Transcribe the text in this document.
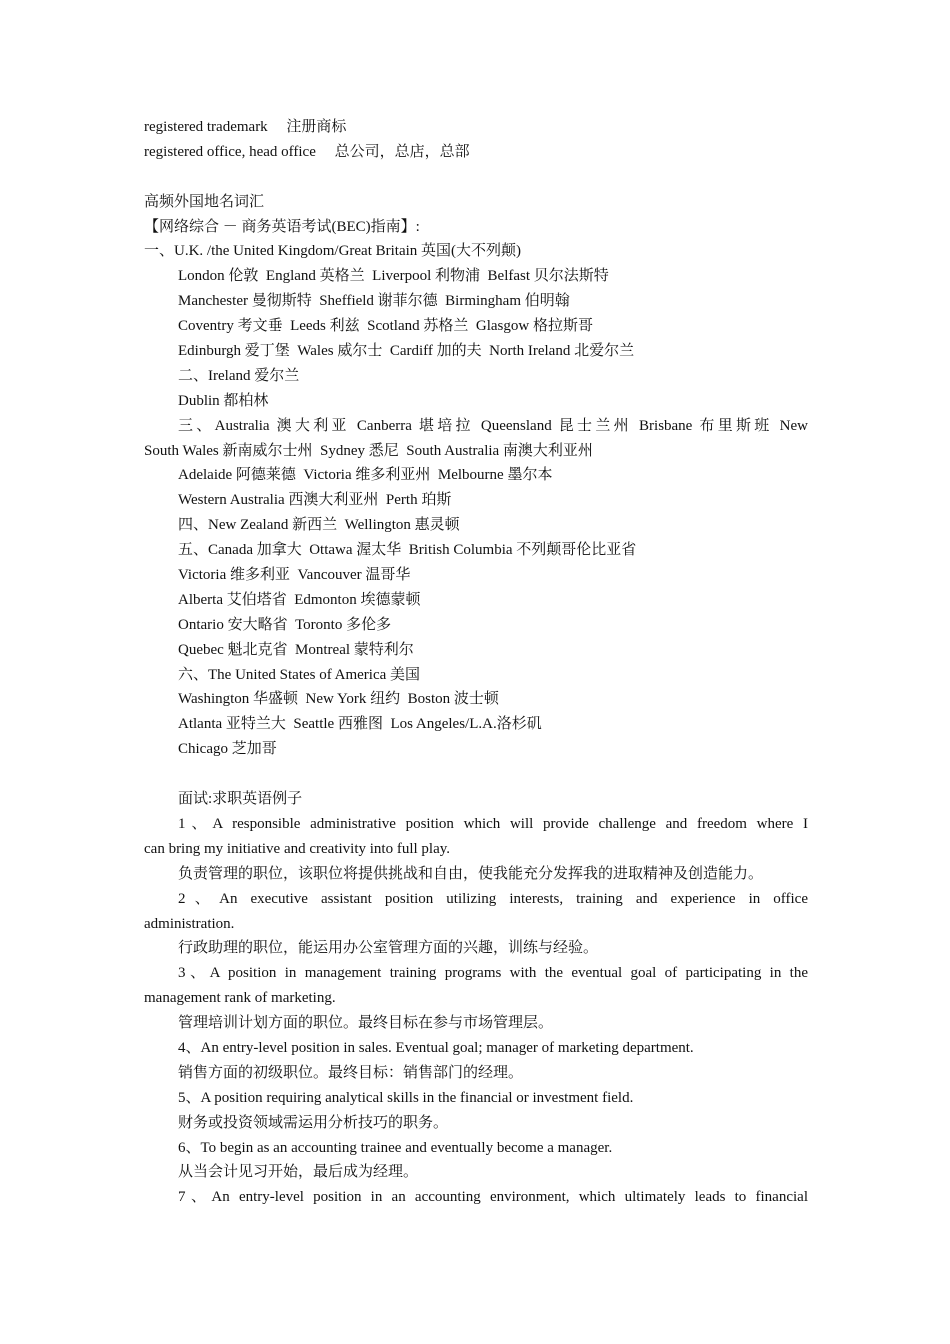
registered trademark     注册商标
registered office, head office     总公司，总店，总部
高频外国地名词汇
【网络综合 － 商务英语考试(BEC)指南】:
一、U.K. /the United Kingdom/Great Britain 英国(大不列颠)
London 伦敦  England 英格兰  Liverpool 利物浦  Belfast 贝尔法斯特
Manchester 曼彻斯特  Sheffield 谢菲尔德  Birmingham 伯明翰
Coventry 考文垂  Leeds 利兹  Scotland 苏格兰  Glasgow 格拉斯哥
Edinburgh 爱丁堡  Wales 威尔士  Cardiff 加的夫  North Ireland 北爱尔兰
二、Ireland 爱尔兰
Dublin 都柏林
三、Australia 澳大利亚 Canberra 堪培拉 Queensland 昆士兰州 Brisbane 布里斯班 New
South Wales 新南威尔士州  Sydney 悉尼  South Australia 南澳大利亚州
Adelaide 阿德莱德  Victoria 维多利亚州  Melbourne 墨尔本
Western Australia 西澳大利亚州  Perth 珀斯
四、New Zealand 新西兰  Wellington 惠灵顿
五、Canada 加拿大  Ottawa 渥太华  British Columbia 不列颠哥伦比亚省
Victoria 维多利亚  Vancouver 温哥华
Alberta 艾伯塔省  Edmonton 埃德蒙顿
Ontario 安大略省  Toronto 多伦多
Quebec 魁北克省  Montreal 蒙特利尔
六、The United States of America 美国
Washington 华盛顿  New York 纽约  Boston 波士顿
Atlanta 亚特兰大  Seattle 西雅图  Los Angeles/L.A.洛杉矶
Chicago 芝加哥
面试:求职英语例子
1、A responsible administrative position which will provide challenge and freedom where I
can bring my initiative and creativity into full play.
负责管理的职位，该职位将提供挑战和自由，使我能充分发挥我的进取精神及创造能力。
2、An executive assistant position utilizing interests, training and experience in office
administration.
行政助理的职位，能运用办公室管理方面的兴趣，训练与经验。
3、A position in management training programs with the eventual goal of participating in the
management rank of marketing.
管理培训计划方面的职位。最终目标在参与市场管理层。
4、An entry-level position in sales. Eventual goal; manager of marketing department.
销售方面的初级职位。最终目标：销售部门的经理。
5、A position requiring analytical skills in the financial or investment field.
财务或投资领域需运用分析技巧的职务。
6、To begin as an accounting trainee and eventually become a manager.
从当会计见习开始，最后成为经理。
7、An entry-level position in an accounting environment, which ultimately leads to financial
